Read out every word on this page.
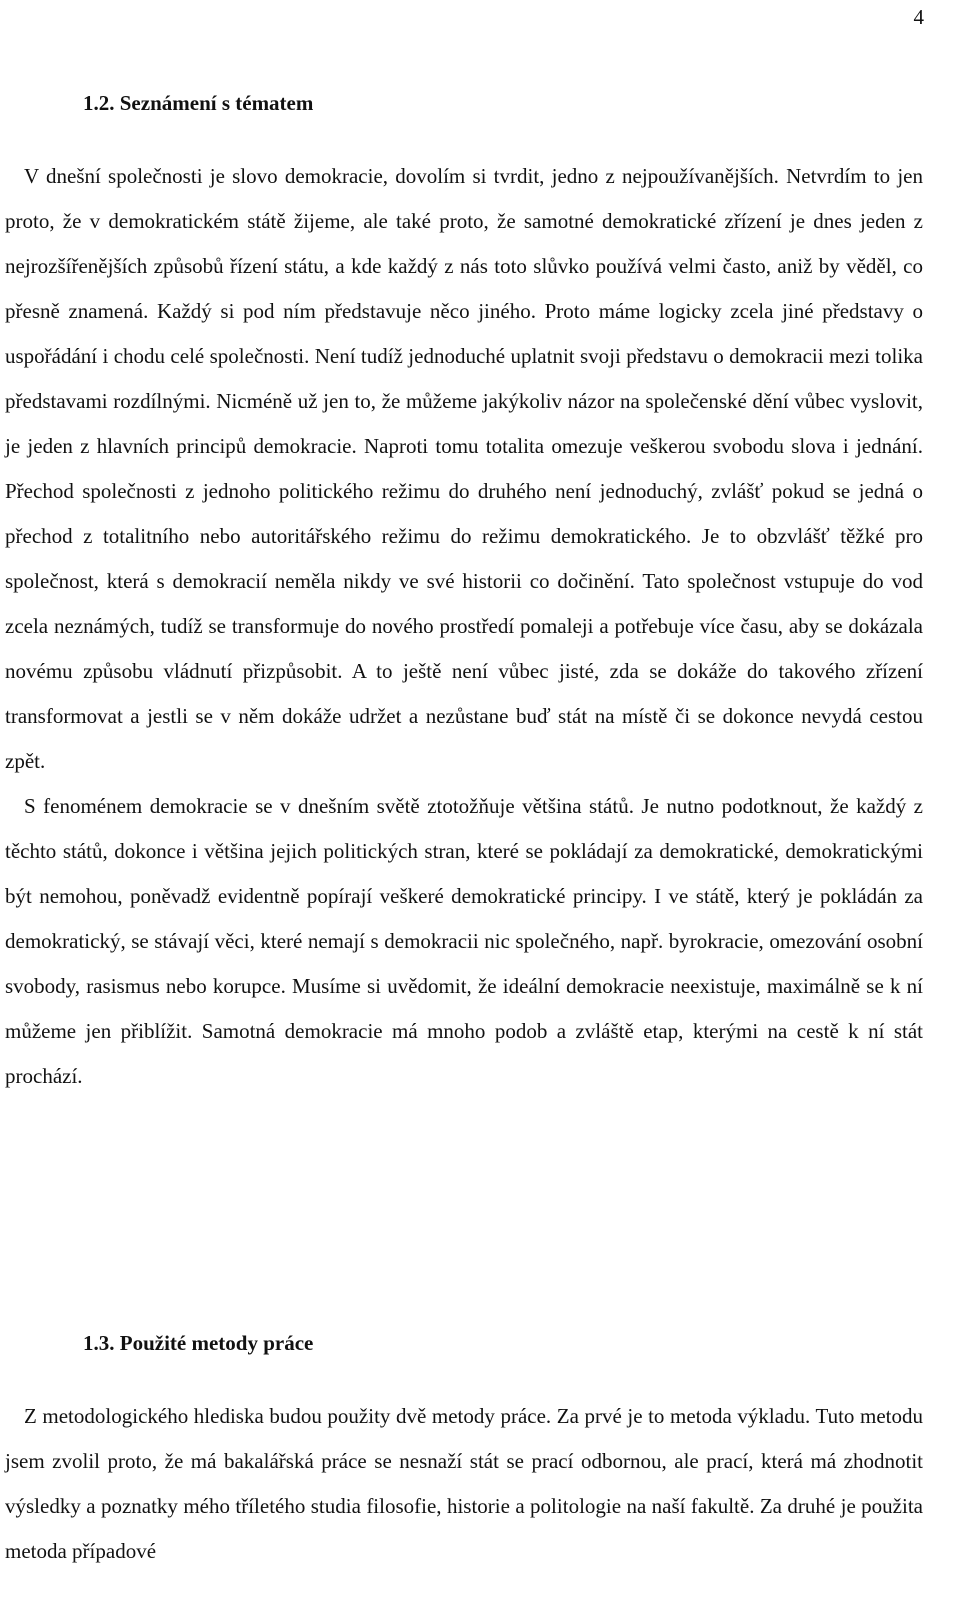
4
1.2. Seznámení s tématem

V dnešní společnosti je slovo demokracie, dovolím si tvrdit, jedno z nejpoužívanějších. Netvrdím to jen proto, že v demokratickém státě žijeme, ale také proto, že samotné demokratické zřízení je dnes jeden z nejrozšířenějších způsobů řízení státu, a kde každý z nás toto slůvko používá velmi často, aniž by věděl, co přesně znamená. Každý si pod ním představuje něco jiného. Proto máme logicky zcela jiné představy o uspořádání i chodu celé společnosti. Není tudíž jednoduché uplatnit svoji představu o demokracii mezi tolika představami rozdílnými. Nicméně už jen to, že můžeme jakýkoliv názor na společenské dění vůbec vyslovit, je jeden z hlavních principů demokracie. Naproti tomu totalita omezuje veškerou svobodu slova i jednání. Přechod společnosti z jednoho politického režimu do druhého není jednoduchý, zvlášť pokud se jedná o přechod z totalitního nebo autoritářského režimu do režimu demokratického. Je to obzvlášť těžké pro společnost, která s demokracií neměla nikdy ve své historii co dočinění. Tato společnost vstupuje do vod zcela neznámých, tudíž se transformuje do nového prostředí pomaleji a potřebuje více času, aby se dokázala novému způsobu vládnutí přizpůsobit. A to ještě není vůbec jisté, zda se dokáže do takového zřízení transformovat a jestli se v něm dokáže udržet a nezůstane buď stát na místě či se dokonce nevydá cestou zpět.

S fenoménem demokracie se v dnešním světě ztotožňuje většina států. Je nutno podotknout, že každý z těchto států, dokonce i většina jejich politických stran, které se pokládají za demokratické, demokratickými být nemohou, poněvadž evidentně popírají veškeré demokratické principy. I ve státě, který je pokládán za demokratický, se stávají věci, které nemají s demokracii nic společného, např. byrokracie, omezování osobní svobody, rasismus nebo korupce. Musíme si uvědomit, že ideální demokracie neexistuje, maximálně se k ní můžeme jen přiblížit. Samotná demokracie má mnoho podob a zvláště etap, kterými na cestě k ní stát prochází.

1.3. Použité metody práce

Z metodologického hlediska budou použity dvě metody práce. Za prvé je to metoda výkladu. Tuto metodu jsem zvolil proto, že má bakalářská práce se nesnaží stát se prací odbornou, ale prací, která má zhodnotit výsledky a poznatky mého tříletého studia filosofie, historie a politologie na naší fakultě. Za druhé je použita metoda případové
